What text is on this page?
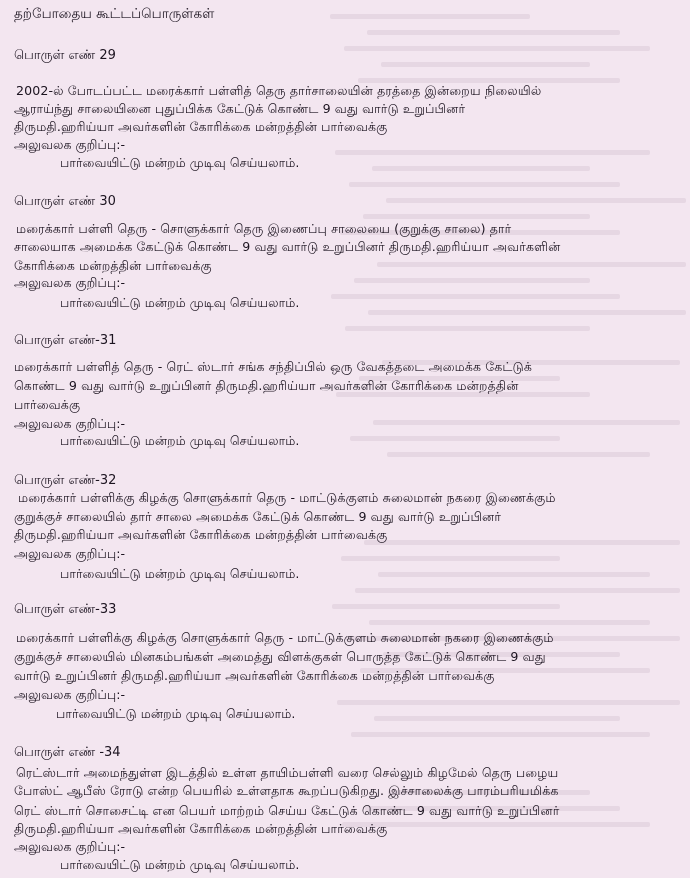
தற்போதைய கூட்டப்பொருள்கள்
பொருள் எண் 29
2002-ல் போடப்பட்ட மரைக்கார் பள்ளித் தெரு தார்சாலையின் தரத்தை இன்றைய நிலையில்
ஆராய்ந்து சாலையினை புதுப்பிக்க கேட்டுக் கொண்ட 9 வது வார்டு உறுப்பினர்
திருமதி.ஹரிய்யா அவர்களின் கோரிக்கை மன்றத்தின் பார்வைக்கு
அலுவலக குறிப்பு:-
பார்வையிட்டு மன்றம் முடிவு செய்யலாம்.
பொருள் எண் 30
மரைக்கார் பள்ளி தெரு - சொளுக்கார் தெரு இணைப்பு சாலையை (குறுக்கு சாலை) தார்
சாலையாக அமைக்க கேட்டுக் கொண்ட 9 வது வார்டு உறுப்பினர் திருமதி.ஹரிய்யா அவர்களின்
கோரிக்கை மன்றத்தின் பார்வைக்கு
அலுவலக குறிப்பு:-
பார்வையிட்டு மன்றம் முடிவு செய்யலாம்.
பொருள் எண்-31
மரைக்கார் பள்ளித் தெரு - ரெட் ஸ்டார் சங்க சந்திப்பில் ஒரு வேகத்தடை அமைக்க கேட்டுக்
கொண்ட 9 வது வார்டு உறுப்பினர் திருமதி.ஹரிய்யா அவர்களின் கோரிக்கை மன்றத்தின்
பார்வைக்கு
அலுவலக குறிப்பு:-
பார்வையிட்டு மன்றம் முடிவு செய்யலாம்.
பொருள் எண்-32
மரைக்கார் பள்ளிக்கு கிழக்கு சொளுக்கார் தெரு - மாட்டுக்குளம் சுலைமான் நகரை இணைக்கும்
குறுக்குச் சாலையில் தார் சாலை அமைக்க கேட்டுக் கொண்ட 9 வது வார்டு உறுப்பினர்
திருமதி.ஹரிய்யா அவர்களின் கோரிக்கை மன்றத்தின் பார்வைக்கு
அலுவலக குறிப்பு:-
பார்வையிட்டு மன்றம் முடிவு செய்யலாம்.
பொருள் எண்-33
மரைக்கார் பள்ளிக்கு கிழக்கு சொளுக்கார் தெரு - மாட்டுக்குளம் சுலைமான் நகரை இணைக்கும்
குறுக்குச் சாலையில் மினகம்பங்கள் அமைத்து விளக்குகள் பொருத்த கேட்டுக் கொண்ட 9 வது
வார்டு உறுப்பினர் திருமதி.ஹரிய்யா அவர்களின் கோரிக்கை மன்றத்தின் பார்வைக்கு
அலுவலக குறிப்பு:-
பார்வையிட்டு மன்றம் முடிவு செய்யலாம்.
பொருள் எண் -34
ரெட்ஸ்டார் அமைந்துள்ள இடத்தில் உள்ள தாயிம்பள்ளி வரை செல்லும் கிழமேல் தெரு பழைய
போஸ்ட் ஆபீஸ் ரோடு என்ற பெயரில் உள்ளதாக கூறப்படுகிறது. இச்சாலைக்கு பாரம்பரியமிக்க
ரெட் ஸ்டார் சொசைட்டி என பெயர் மாற்றம் செய்ய கேட்டுக் கொண்ட 9 வது வார்டு உறுப்பினர்
திருமதி.ஹரிய்யா அவர்களின் கோரிக்கை மன்றத்தின் பார்வைக்கு
அலுவலக குறிப்பு:-
பார்வையிட்டு மன்றம் முடிவு செய்யலாம்.
